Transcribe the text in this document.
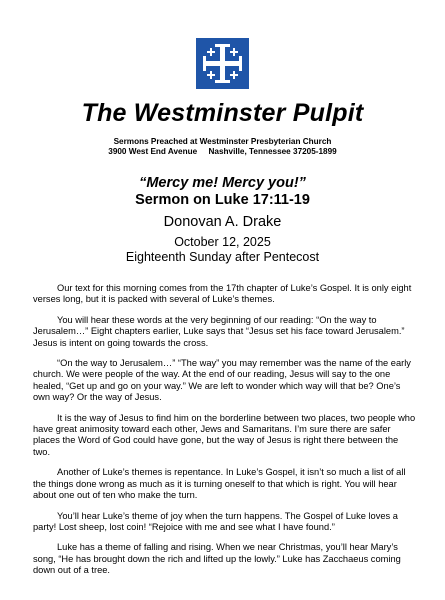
The Westminster Pulpit
Sermons Preached at Westminster Presbyterian Church
3900 West End Avenue     Nashville, Tennessee 37205-1899
“Mercy me! Mercy you!”
Sermon on Luke 17:11-19
Donovan A. Drake
October 12, 2025
Eighteenth Sunday after Pentecost

Our text for this morning comes from the 17th chapter of Luke’s Gospel. It is only eight verses long, but it is packed with several of Luke’s themes.

You will hear these words at the very beginning of our reading: “On the way to Jerusalem…” Eight chapters earlier, Luke says that “Jesus set his face toward Jerusalem.” Jesus is intent on going towards the cross.

“On the way to Jerusalem…” “The way” you may remember was the name of the early church. We were people of the way. At the end of our reading, Jesus will say to the one healed, “Get up and go on your way.” We are left to wonder which way will that be? One’s own way? Or the way of Jesus.

It is the way of Jesus to find him on the borderline between two places, two people who have great animosity toward each other, Jews and Samaritans. I’m sure there are safer places the Word of God could have gone, but the way of Jesus is right there between the two.

Another of Luke’s themes is repentance. In Luke’s Gospel, it isn’t so much a list of all the things done wrong as much as it is turning oneself to that which is right. You will hear about one out of ten who make the turn.

You’ll hear Luke’s theme of joy when the turn happens. The Gospel of Luke loves a party! Lost sheep, lost coin! “Rejoice with me and see what I have found.”

Luke has a theme of falling and rising. When we near Christmas, you’ll hear Mary’s song, “He has brought down the rich and lifted up the lowly.” Luke has Zacchaeus coming down out of a tree.
